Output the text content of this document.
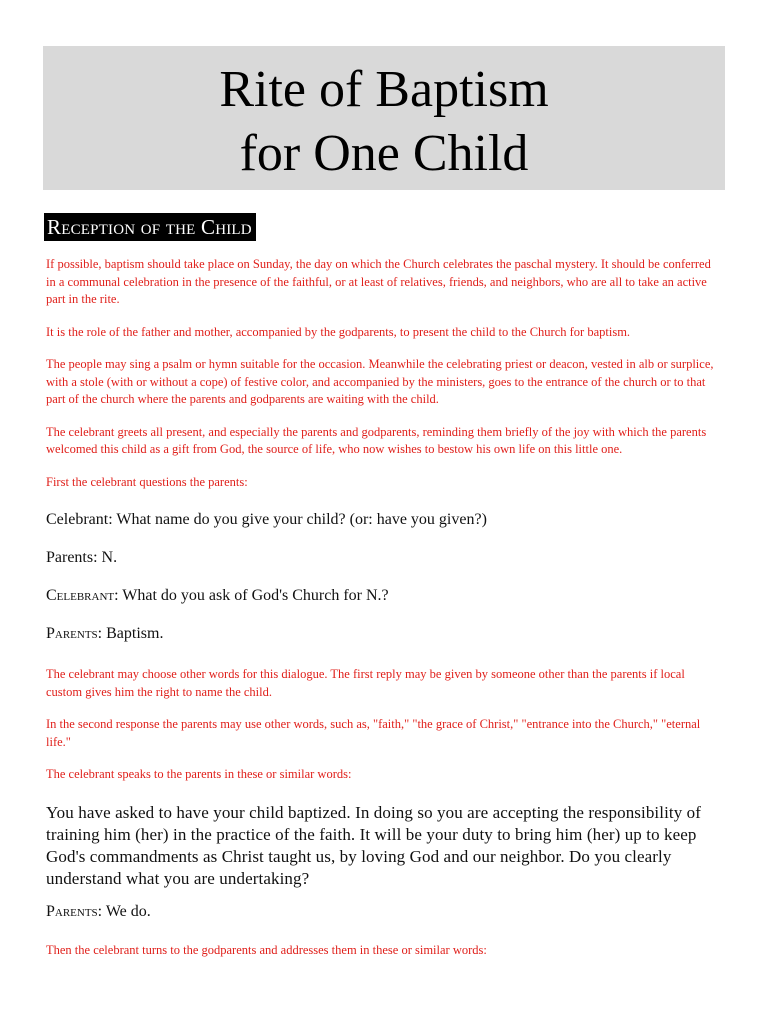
Rite of Baptism
for One Child
Reception of the Child

If possible, baptism should take place on Sunday, the day on which the Church celebrates the paschal mystery. It should be conferred in a communal celebration in the presence of the faithful, or at least of relatives, friends, and neighbors, who are all to take an active part in the rite.

It is the role of the father and mother, accompanied by the godparents, to present the child to the Church for baptism.

The people may sing a psalm or hymn suitable for the occasion. Meanwhile the celebrating priest or deacon, vested in alb or surplice, with a stole (with or without a cope) of festive color, and accompanied by the ministers, goes to the entrance of the church or to that part of the church where the parents and godparents are waiting with the child.

The celebrant greets all present, and especially the parents and godparents, reminding them briefly of the joy with which the parents welcomed this child as a gift from God, the source of life, who now wishes to bestow his own life on this little one.

First the celebrant questions the parents:

Celebrant: What name do you give your child? (or: have you given?)

Parents: N.

Celebrant: What do you ask of God's Church for N.?

Parents: Baptism.

The celebrant may choose other words for this dialogue. The first reply may be given by someone other than the parents if local custom gives him the right to name the child.

In the second response the parents may use other words, such as, "faith," "the grace of Christ," "entrance into the Church," "eternal life."

The celebrant speaks to the parents in these or similar words:

You have asked to have your child baptized. In doing so you are accepting the responsibility of training him (her) in the practice of the faith. It will be your duty to bring him (her) up to keep God's commandments as Christ taught us, by loving God and our neighbor. Do you clearly understand what you are undertaking?

Parents: We do.

Then the celebrant turns to the godparents and addresses them in these or similar words:
